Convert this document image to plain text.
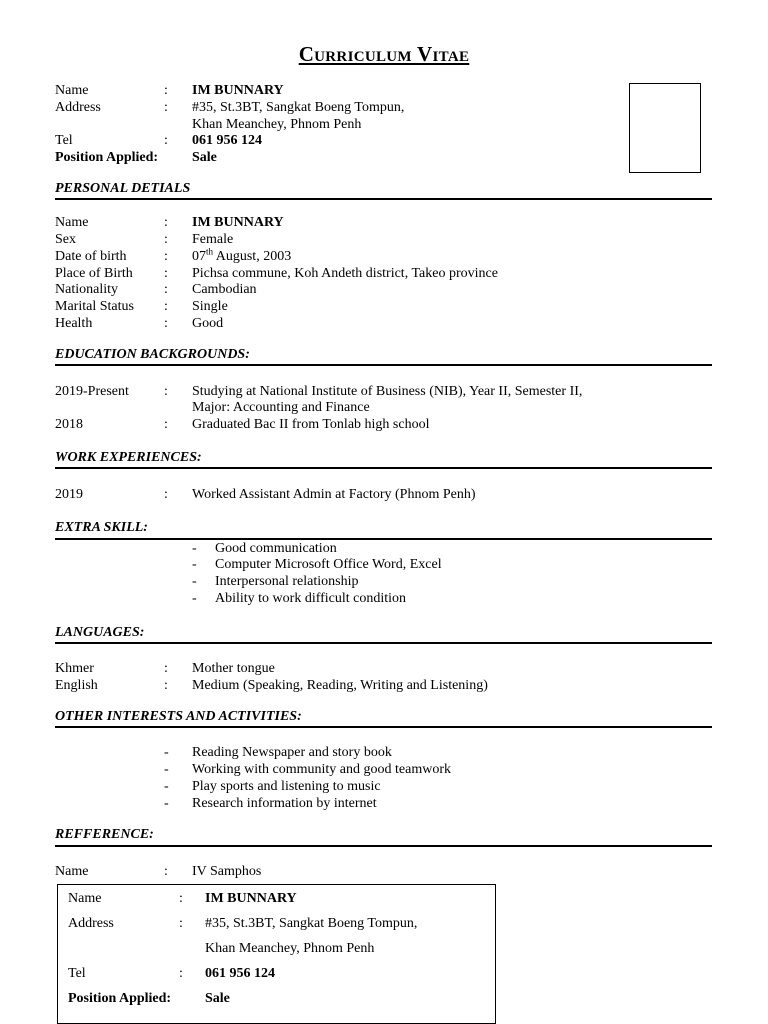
Curriculum Vitae
Name	: IM BUNNARY
Address	: #35, St.3BT, Sangkat Boeng Tompun,
Khan Meanchey, Phnom Penh
Tel	: 061 956 124
Position Applied: Sale
PERSONAL DETIALS
Name	: IM BUNNARY
Sex	: Female
Date of birth	: 07th August, 2003
Place of Birth : Pichsa commune, Koh Andeth district, Takeo province
Nationality	: Cambodian
Marital Status : Single
Health	: Good
EDUCATION BACKGROUNDS:
2019-Present	: Studying at National Institute of Business (NIB), Year II, Semester II,
Major: Accounting and Finance
2018	: Graduated Bac II from Tonlab high school
WORK EXPERIENCES:
2019	: Worked Assistant Admin at Factory (Phnom Penh)
EXTRA SKILL:
- Good communication
- Computer Microsoft Office Word, Excel
- Interpersonal relationship
- Ability to work difficult condition
LANGUAGES:
Khmer	: Mother tongue
English	: Medium (Speaking, Reading, Writing and Listening)
OTHER INTERESTS AND ACTIVITIES:
- Reading Newspaper and story book
- Working with community and good teamwork
- Play sports and listening to music
- Research information by internet
REFFERENCE:
Name	: IV Samphos
Name	: IM BUNNARY
Address	: #35, St.3BT, Sangkat Boeng Tompun,
Khan Meanchey, Phnom Penh
Tel	: 061 956 124
Position Applied: Sale
